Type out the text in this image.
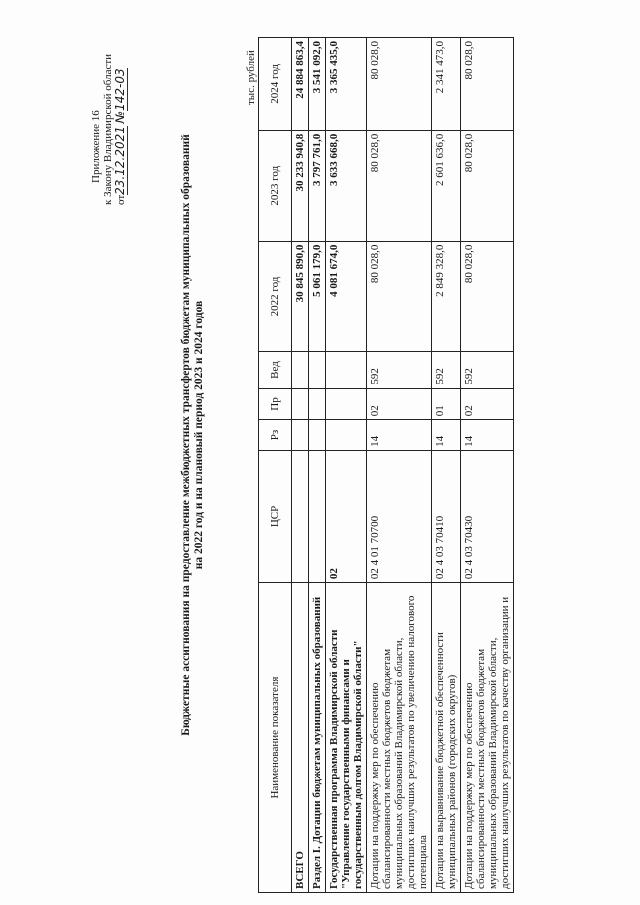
Приложение 16 к Закону Владимирской области от23.12.2021 №142-03
Бюджетные ассигнования на предоставление межбюджетных трансфертов бюджетам муниципальных образований на 2022 год и на плановый период 2023 и 2024 годов
тыс. рублей
Наименование показателя	ЦСР	Рз	Пр	Вед	2022 год	2023 год	2024 год
ВСЕГО					30 845 890,0	30 233 940,8	24 884 863,4
Раздел I. Дотации бюджетам муниципальных образований					5 061 179,0	3 797 761,0	3 541 092,0
Государственная программа Владимирской области "Управление государственными финансами и государственным долгом Владимирской области"	02				4 081 674,0	3 633 668,0	3 365 435,0
Дотации на поддержку мер по обеспечению сбалансированности местных бюджетов бюджетам муниципальных образований Владимирской области, достигших наилучших результатов по увеличению налогового потенциала	02 4 01 70700	14	02	592	80 028,0	80 028,0	80 028,0
Дотации на выравнивание бюджетной обеспеченности муниципальных районов (городских округов)	02 4 03 70410	14	01	592	2 849 328,0	2 601 636,0	2 341 473,0
Дотации на поддержку мер по обеспечению сбалансированности местных бюджетов бюджетам муниципальных образований Владимирской области, достигших наилучших результатов по качеству организации и	02 4 03 70430	14	02	592	80 028,0	80 028,0	80 028,0
